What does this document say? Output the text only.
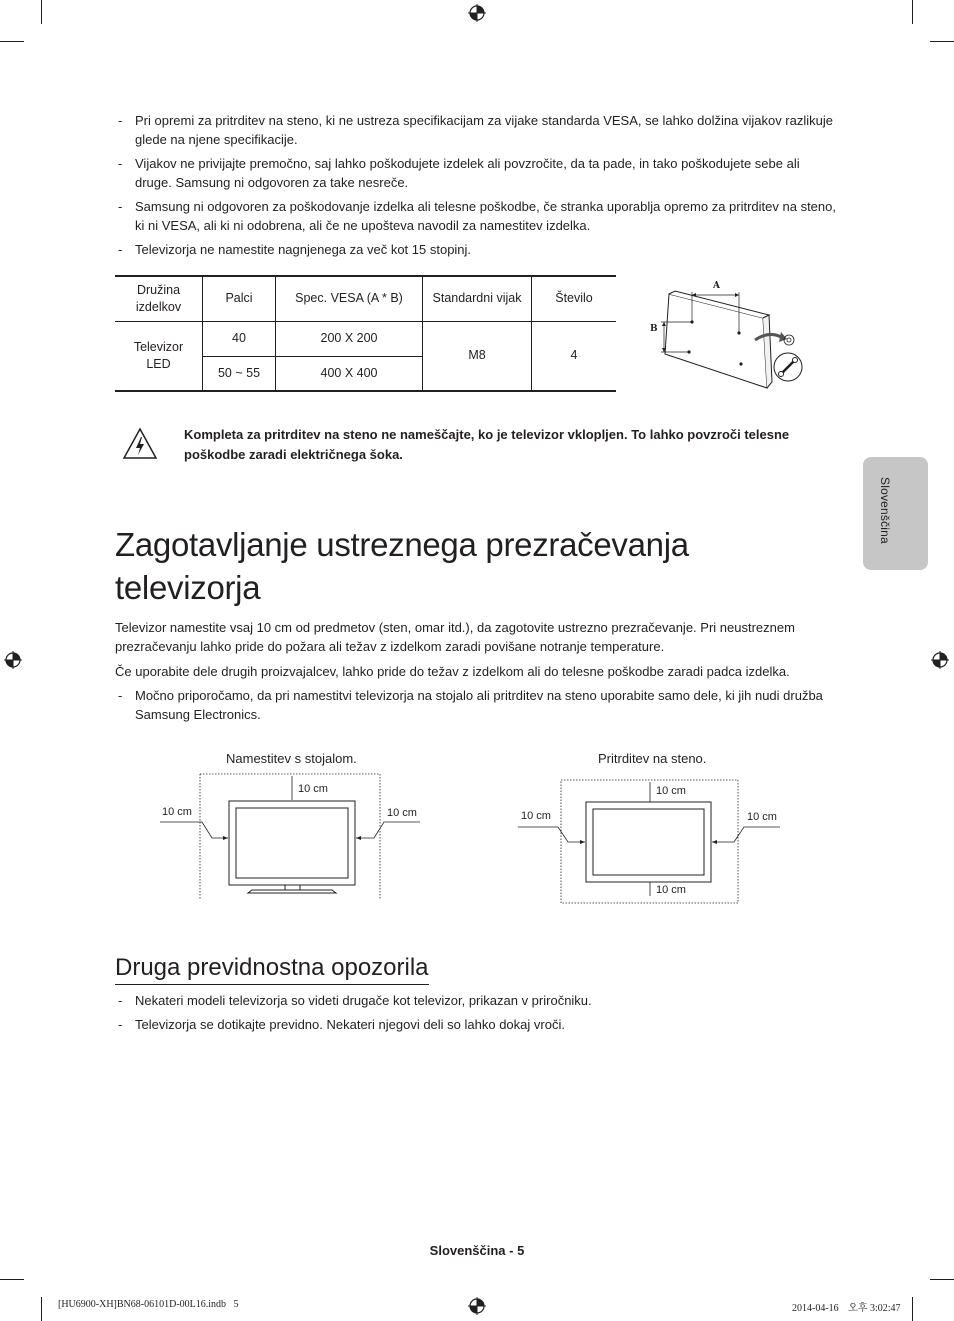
- Pri opremi za pritrditev na steno, ki ne ustreza specifikacijam za vijake standarda VESA, se lahko dolžina vijakov razlikuje glede na njene specifikacije.
- Vijakov ne privijajte premočno, saj lahko poškodujete izdelek ali povzročite, da ta pade, in tako poškodujete sebe ali druge. Samsung ni odgovoren za take nesreče.
- Samsung ni odgovoren za poškodovanje izdelka ali telesne poškodbe, če stranka uporablja opremo za pritrditev na steno, ki ni VESA, ali ki ni odobrena, ali če ne upošteva navodil za namestitev izdelka.
- Televizorja ne namestite nagnjenega za več kot 15 stopinj.
Družina izdelkov	Palci	Spec. VESA (A * B)	Standardni vijak	Število
Televizor LED	40	200 X 200	M8	4
	50 ~ 55	400 X 400		
A
B
Kompleta za pritrditev na steno ne nameščajte, ko je televizor vklopljen. To lahko povzroči telesne poškodbe zaradi električnega šoka.
Slovenščina
Zagotavljanje ustreznega prezračevanja
televizorja

Televizor namestite vsaj 10 cm od predmetov (sten, omar itd.), da zagotovite ustrezno prezračevanje. Pri neustreznem prezračevanju lahko pride do požara ali težav z izdelkom zaradi povišane notranje temperature.

Če uporabite dele drugih proizvajalcev, lahko pride do težav z izdelkom ali do telesne poškodbe zaradi padca izdelka.

- Močno priporočamo, da pri namestitvi televizorja na stojalo ali pritrditev na steno uporabite samo dele, ki jih nudi družba Samsung Electronics.
Namestitev s stojalom.
10 cm
10 cm	10 cm
Pritrditev na steno.
10 cm
10 cm	10 cm
10 cm
Druga previdnostna opozorila
- Nekateri modeli televizorja so videti drugače kot televizor, prikazan v priročniku.
- Televizorja se dotikajte previdno. Nekateri njegovi deli so lahko dokaj vroči.
Slovenščina - 5
[HU6900-XH]BN68-06101D-00L16.indb   5	2014-04-16    오후 3:02:47
